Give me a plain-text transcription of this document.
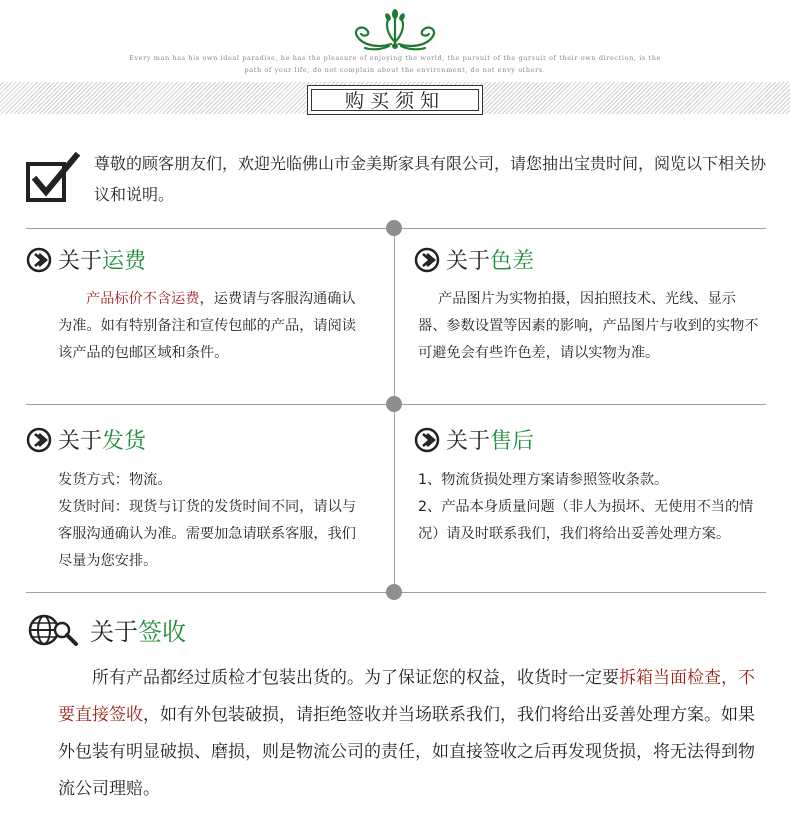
Every man has his own ideal paradise, he has the pleasure of enjoying the world, the pursuit of the gursuit of their own direction, is the
path of your life, do not complain about the environment, do not envy others.
购买须知
尊敬的顾客朋友们，欢迎光临佛山市金美斯家具有限公司，请您抽出宝贵时间，阅览以下相关协议和说明。
关于 运费
产品标价不含运费，运费请与客服沟通确认为准。如有特别备注和宣传包邮的产品，请阅读该产品的包邮区域和条件。
关于 色差
产品图片为实物拍摄，因拍照技术、光线、显示器、参数设置等因素的影响，产品图片与收到的实物不可避免会有些许色差，请以实物为准。
关于 发货
发货方式：物流。
发货时间：现货与订货的发货时间不同，请以与客服沟通确认为准。需要加急请联系客服，我们尽量为您安排。
关于 售后
1、物流货损处理方案请参照签收条款。
2、产品本身质量问题（非人为损坏、无使用不当的情况）请及时联系我们，我们将给出妥善处理方案。
关于 签收
所有产品都经过质检才包装出货的。为了保证您的权益，收货时一定要拆箱当面检查，不要直接签收，如有外包装破损，请拒绝签收并当场联系我们，我们将给出妥善处理方案。如果外包装有明显破损、磨损，则是物流公司的责任，如直接签收之后再发现货损，将无法得到物流公司理赔。
